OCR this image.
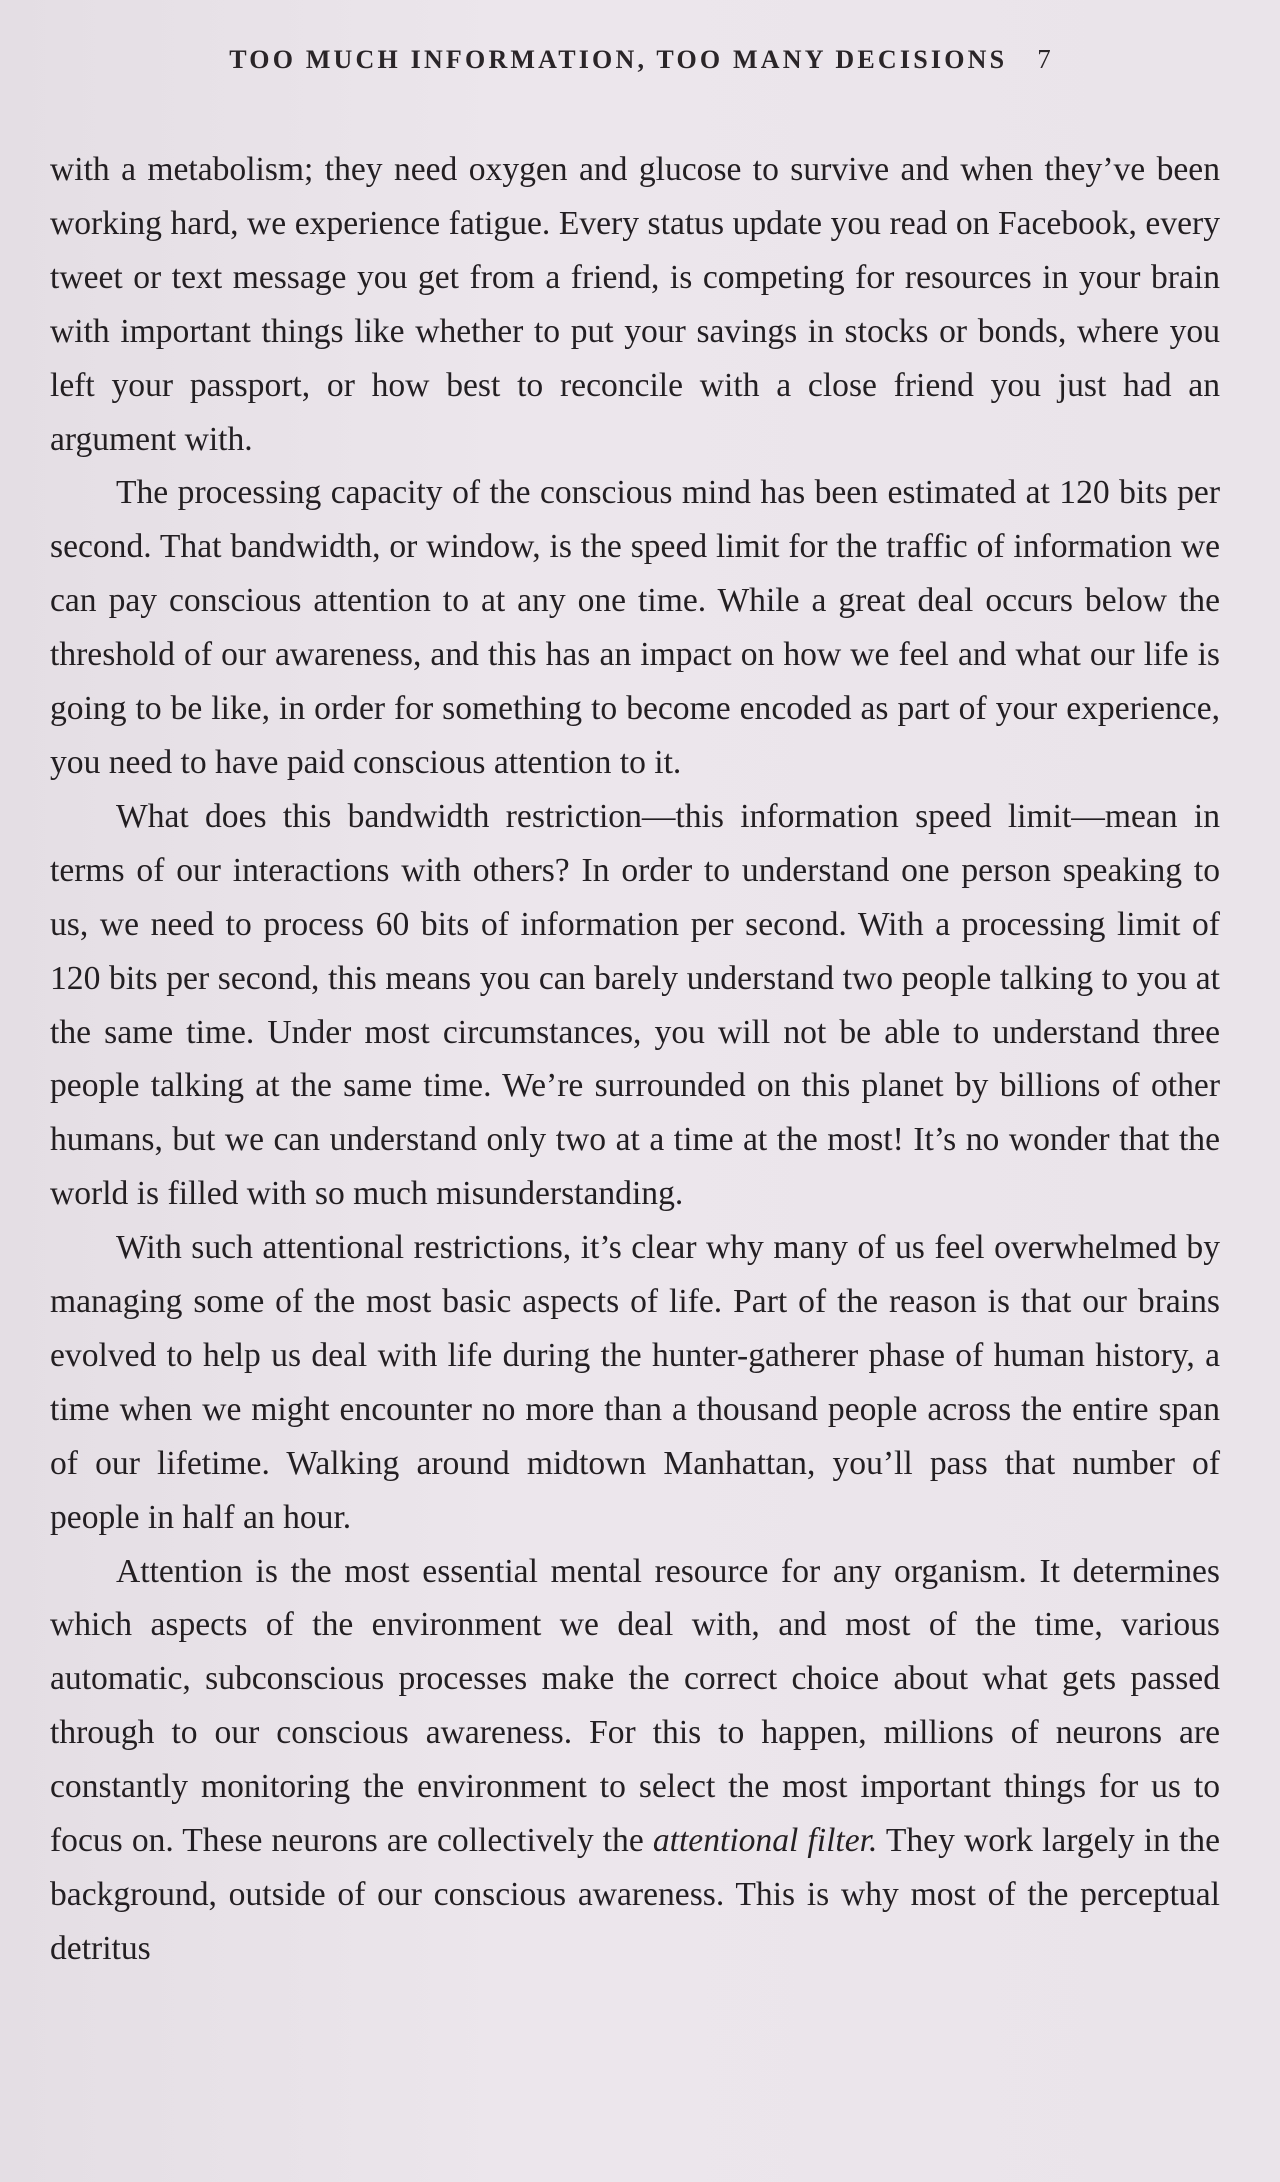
TOO MUCH INFORMATION, TOO MANY DECISIONS 7

with a metabolism; they need oxygen and glucose to survive and when they’ve been working hard, we experience fatigue. Every status update you read on Facebook, every tweet or text message you get from a friend, is competing for resources in your brain with important things like whether to put your savings in stocks or bonds, where you left your passport, or how best to reconcile with a close friend you just had an argument with.

The processing capacity of the conscious mind has been estimated at 120 bits per second. That bandwidth, or window, is the speed limit for the traffic of information we can pay conscious attention to at any one time. While a great deal occurs below the threshold of our awareness, and this has an impact on how we feel and what our life is going to be like, in order for something to become encoded as part of your experience, you need to have paid conscious attention to it.

What does this bandwidth restriction—this information speed limit—mean in terms of our interactions with others? In order to understand one person speaking to us, we need to process 60 bits of information per second. With a processing limit of 120 bits per second, this means you can barely understand two people talking to you at the same time. Under most circumstances, you will not be able to understand three people talking at the same time. We’re surrounded on this planet by billions of other humans, but we can understand only two at a time at the most! It’s no wonder that the world is filled with so much misunderstanding.

With such attentional restrictions, it’s clear why many of us feel overwhelmed by managing some of the most basic aspects of life. Part of the reason is that our brains evolved to help us deal with life during the hunter-gatherer phase of human history, a time when we might encounter no more than a thousand people across the entire span of our lifetime. Walking around midtown Manhattan, you’ll pass that number of people in half an hour.

Attention is the most essential mental resource for any organism. It determines which aspects of the environment we deal with, and most of the time, various automatic, subconscious processes make the correct choice about what gets passed through to our conscious awareness. For this to happen, millions of neurons are constantly monitoring the environment to select the most important things for us to focus on. These neurons are collectively the attentional filter. They work largely in the background, outside of our conscious awareness. This is why most of the perceptual detritus
